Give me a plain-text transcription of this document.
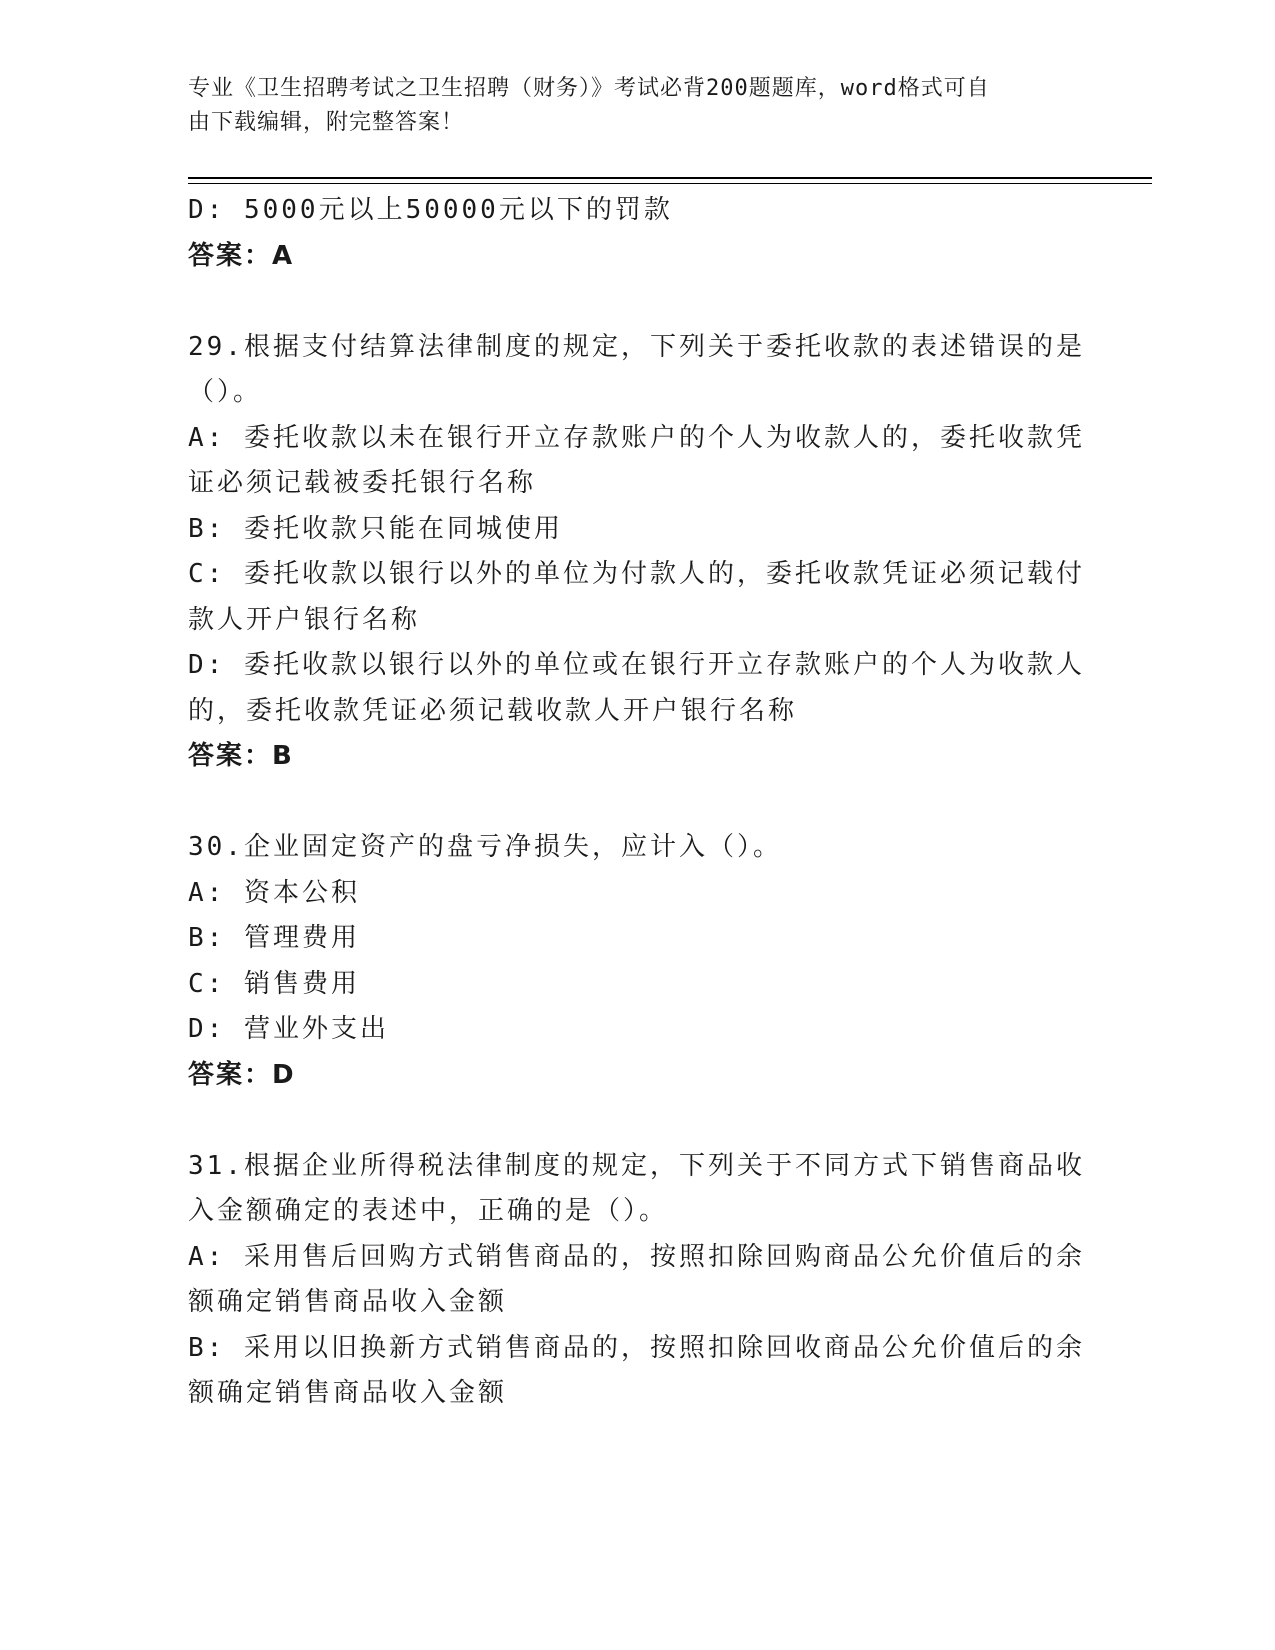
专业《卫生招聘考试之卫生招聘（财务）》考试必背200题题库，word格式可自

由下载编辑，附完整答案！

D: 5000元以上50000元以下的罚款

答案：A

29.根据支付结算法律制度的规定，下列关于委托收款的表述错误的是

（）。

A: 委托收款以未在银行开立存款账户的个人为收款人的，委托收款凭

证必须记载被委托银行名称

B: 委托收款只能在同城使用

C: 委托收款以银行以外的单位为付款人的，委托收款凭证必须记载付

款人开户银行名称

D: 委托收款以银行以外的单位或在银行开立存款账户的个人为收款人

的，委托收款凭证必须记载收款人开户银行名称

答案：B

30.企业固定资产的盘亏净损失，应计入（）。

A: 资本公积

B: 管理费用

C: 销售费用

D: 营业外支出

答案：D

31.根据企业所得税法律制度的规定，下列关于不同方式下销售商品收

入金额确定的表述中，正确的是（）。

A: 采用售后回购方式销售商品的，按照扣除回购商品公允价值后的余

额确定销售商品收入金额

B: 采用以旧换新方式销售商品的，按照扣除回收商品公允价值后的余

额确定销售商品收入金额
